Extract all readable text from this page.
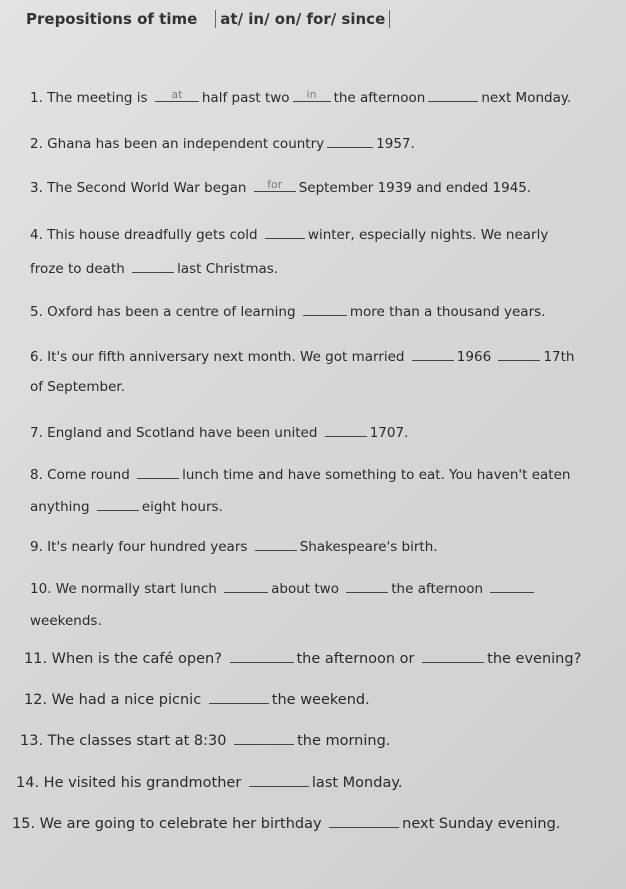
Prepositions of time at/ in/ on/ for/ since
1. The meeting is	at	half past two	in	the afternoon	next Monday.
2. Ghana has been an independent country	1957.
3. The Second World War began	for	September 1939 and ended 1945.
4. This house dreadfully gets cold	winter, especially nights. We nearly
froze to death	last Christmas.
5. Oxford has been a centre of learning	more than a thousand years.
6. It's our fifth anniversary next month. We got married	1966	17th
of September.
7. England and Scotland have been united	1707.
8. Come round	lunch time and have something to eat. You haven't eaten
anything	eight hours.
9. It's nearly four hundred years	Shakespeare's birth.
10. We normally start lunch	about two	the afternoon
weekends.
11. When is the café open?	the afternoon or	the evening?
12. We had a nice picnic	the weekend.
13. The classes start at 8:30	the morning.
14. He visited his grandmother	last Monday.
15. We are going to celebrate her birthday	next Sunday evening.
